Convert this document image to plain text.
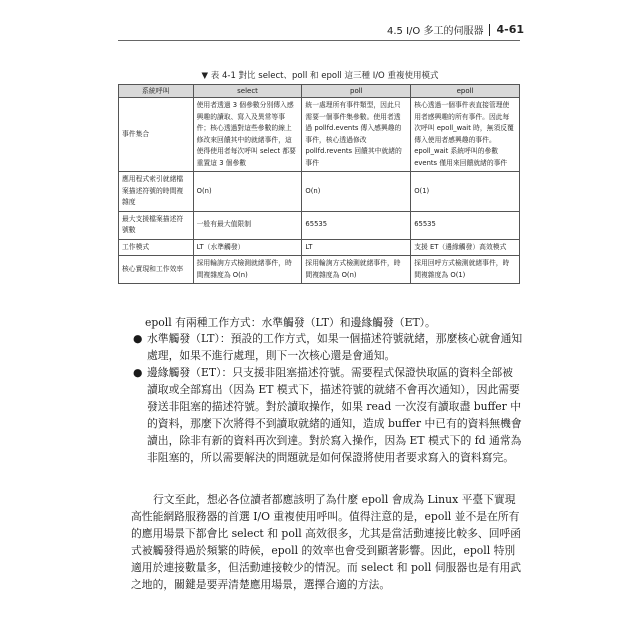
4.5 I/O 多工的伺服器 4-61
▼ 表 4-1 對比 select、poll 和 epoll 這三種 I/O 重複使用模式
系統呼叫	select	poll	epoll
事件集合	使用者透過 3 個參數分別傳入感興趣的讀取、寫入及異常等事件；核心透過對這些參數的線上修改來回饋其中的就緒事件，這使得使用者每次呼叫 select 都要重置這 3 個參數	統一處理所有事件類型，因此只需要一個事件集參數。使用者透過 pollfd.events 傳入感興趣的事件，核心透過修改 pollfd.revents 回饋其中就緒的事件	核心透過一個事件表直接管理使用者感興趣的所有事件。因此每次呼叫 epoll_wait 時，無須反覆傳入使用者感興趣的事件。epoll_wait 系統呼叫的參數 events 僅用來回饋就緒的事件
應用程式索引就緒檔案描述符號的時間複雜度	O(n)	O(n)	O(1)
最大支援檔案描述符號數	一般有最大值限制	65535	65535
工作模式	LT（水準觸發）	LT	支援 ET（邊緣觸發）高效模式
核心實現和工作效率	採用輪詢方式檢測就緒事件，時間複雜度為 O(n)	採用輪詢方式檢測就緒事件，時間複雜度為 O(n)	採用回呼方式檢測就緒事件，時間複雜度為 O(1)

epoll 有兩種工作方式：水準觸發（LT）和邊緣觸發（ET）。

● 水準觸發（LT）：預設的工作方式，如果一個描述符號就緒，那麼核心就會通知處理，如果不進行處理，則下一次核心還是會通知。
● 邊緣觸發（ET）：只支援非阻塞描述符號。需要程式保證快取區的資料全部被讀取或全部寫出（因為 ET 模式下，描述符號的就緒不會再次通知），因此需要發送非阻塞的描述符號。對於讀取操作，如果 read 一次沒有讀取盡 buffer 中的資料，那麼下次將得不到讀取就緒的通知，造成 buffer 中已有的資料無機會讀出，除非有新的資料再次到達。對於寫入操作，因為 ET 模式下的 fd 通常為非阻塞的，所以需要解決的問題就是如何保證將使用者要求寫入的資料寫完。

行文至此，想必各位讀者都應該明了為什麼 epoll 會成為 Linux 平臺下實現高性能網路服務器的首選 I/O 重複使用呼叫。值得注意的是，epoll 並不是在所有的應用場景下都會比 select 和 poll 高效很多，尤其是當活動連接比較多、回呼函式被觸發得過於頻繁的時候，epoll 的效率也會受到顯著影響。因此，epoll 特別適用於連接數量多，但活動連接較少的情況。而 select 和 poll 伺服器也是有用武之地的，關鍵是要弄清楚應用場景，選擇合適的方法。
